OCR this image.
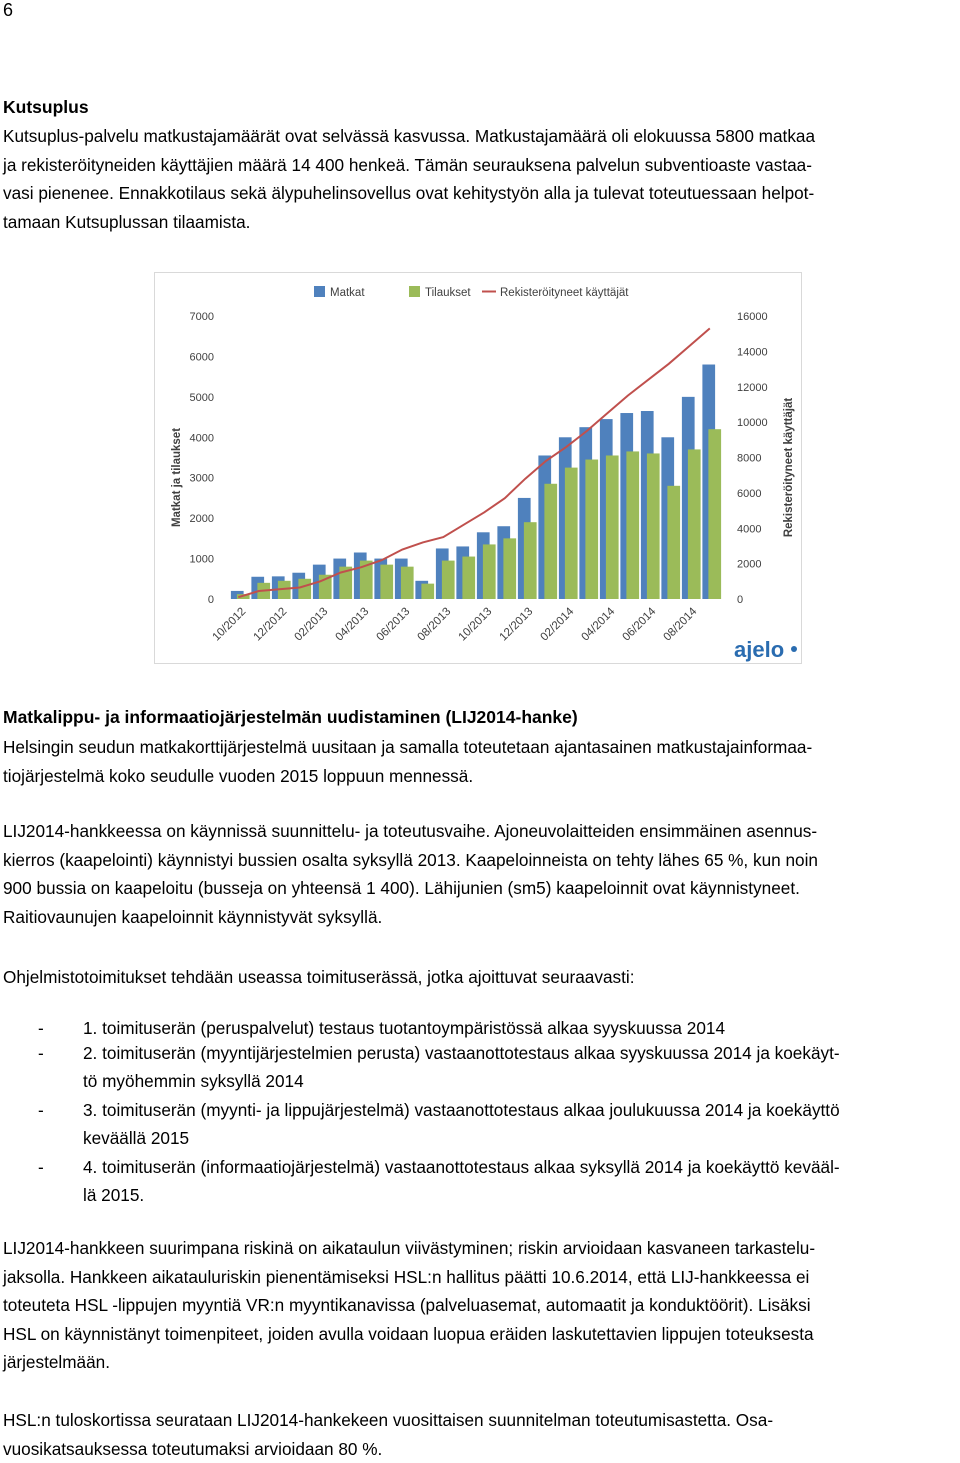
6
Kutsuplus

Kutsuplus-palvelu matkustajamäärät ovat selvässä kasvussa. Matkustajamäärä oli elokuussa 5800 matkaa

ja rekisteröityneiden käyttäjien määrä 14 400 henkeä. Tämän seurauksena palvelun subventioaste vastaa-

vasi pienenee. Ennakkotilaus sekä älypuhelinsovellus ovat kehitystyön alla ja tulevat toteutuessaan helpot-

tamaan Kutsuplussan tilaamista.

Matkat	Tilaukset	Rekisteröityneet käyttäjät
0
1000
2000
3000
4000
5000
6000
7000
0
2000
4000
6000
8000
10000
12000
14000
16000
Matkat ja tilaukset	Rekisteröityneet käyttäjät
10/2012 12/2012 02/2013 04/2013 06/2013 08/2013 10/2013 12/2013 02/2014 04/2014 06/2014 08/2014
ajelo
Matkalippu- ja informaatiojärjestelmän uudistaminen (LIJ2014-hanke)

Helsingin seudun matkakorttijärjestelmä uusitaan ja samalla toteutetaan ajantasainen matkustajainformaa-

tiojärjestelmä koko seudulle vuoden 2015 loppuun mennessä.

LIJ2014-hankkeessa on käynnissä suunnittelu- ja toteutusvaihe. Ajoneuvolaitteiden ensimmäinen asennus-

kierros (kaapelointi) käynnistyi bussien osalta syksyllä 2013. Kaapeloinneista on tehty lähes 65 %, kun noin

900 bussia on kaapeloitu (busseja on yhteensä 1 400). Lähijunien (sm5) kaapeloinnit ovat käynnistyneet.

Raitiovaunujen kaapeloinnit käynnistyvät syksyllä.

Ohjelmistotoimitukset tehdään useassa toimituserässä, jotka ajoittuvat seuraavasti:
- 1. toimituserän (peruspalvelut) testaus tuotantoympäristössä alkaa syyskuussa 2014
- 2. toimituserän (myyntijärjestelmien perusta) vastaanottotestaus alkaa syyskuussa 2014 ja koekäyt-
tö myöhemmin syksyllä 2014
- 3. toimituserän (myynti- ja lippujärjestelmä) vastaanottotestaus alkaa joulukuussa 2014 ja koekäyttö
keväällä 2015
- 4. toimituserän (informaatiojärjestelmä) vastaanottotestaus alkaa syksyllä 2014 ja koekäyttö kevääl-
lä 2015.

LIJ2014-hankkeen suurimpana riskinä on aikataulun viivästyminen; riskin arvioidaan kasvaneen tarkastelu-

jaksolla. Hankkeen aikatauluriskin pienentämiseksi HSL:n hallitus päätti 10.6.2014, että LIJ-hankkeessa ei

toteuteta HSL -lippujen myyntiä VR:n myyntikanavissa (palveluasemat, automaatit ja konduktöörit). Lisäksi

HSL on käynnistänyt toimenpiteet, joiden avulla voidaan luopua eräiden laskutettavien lippujen toteuksesta

järjestelmään.

HSL:n tuloskortissa seurataan LIJ2014-hankekeen vuosittaisen suunnitelman toteutumisastetta. Osa-

vuosikatsauksessa toteutumaksi arvioidaan 80 %.
